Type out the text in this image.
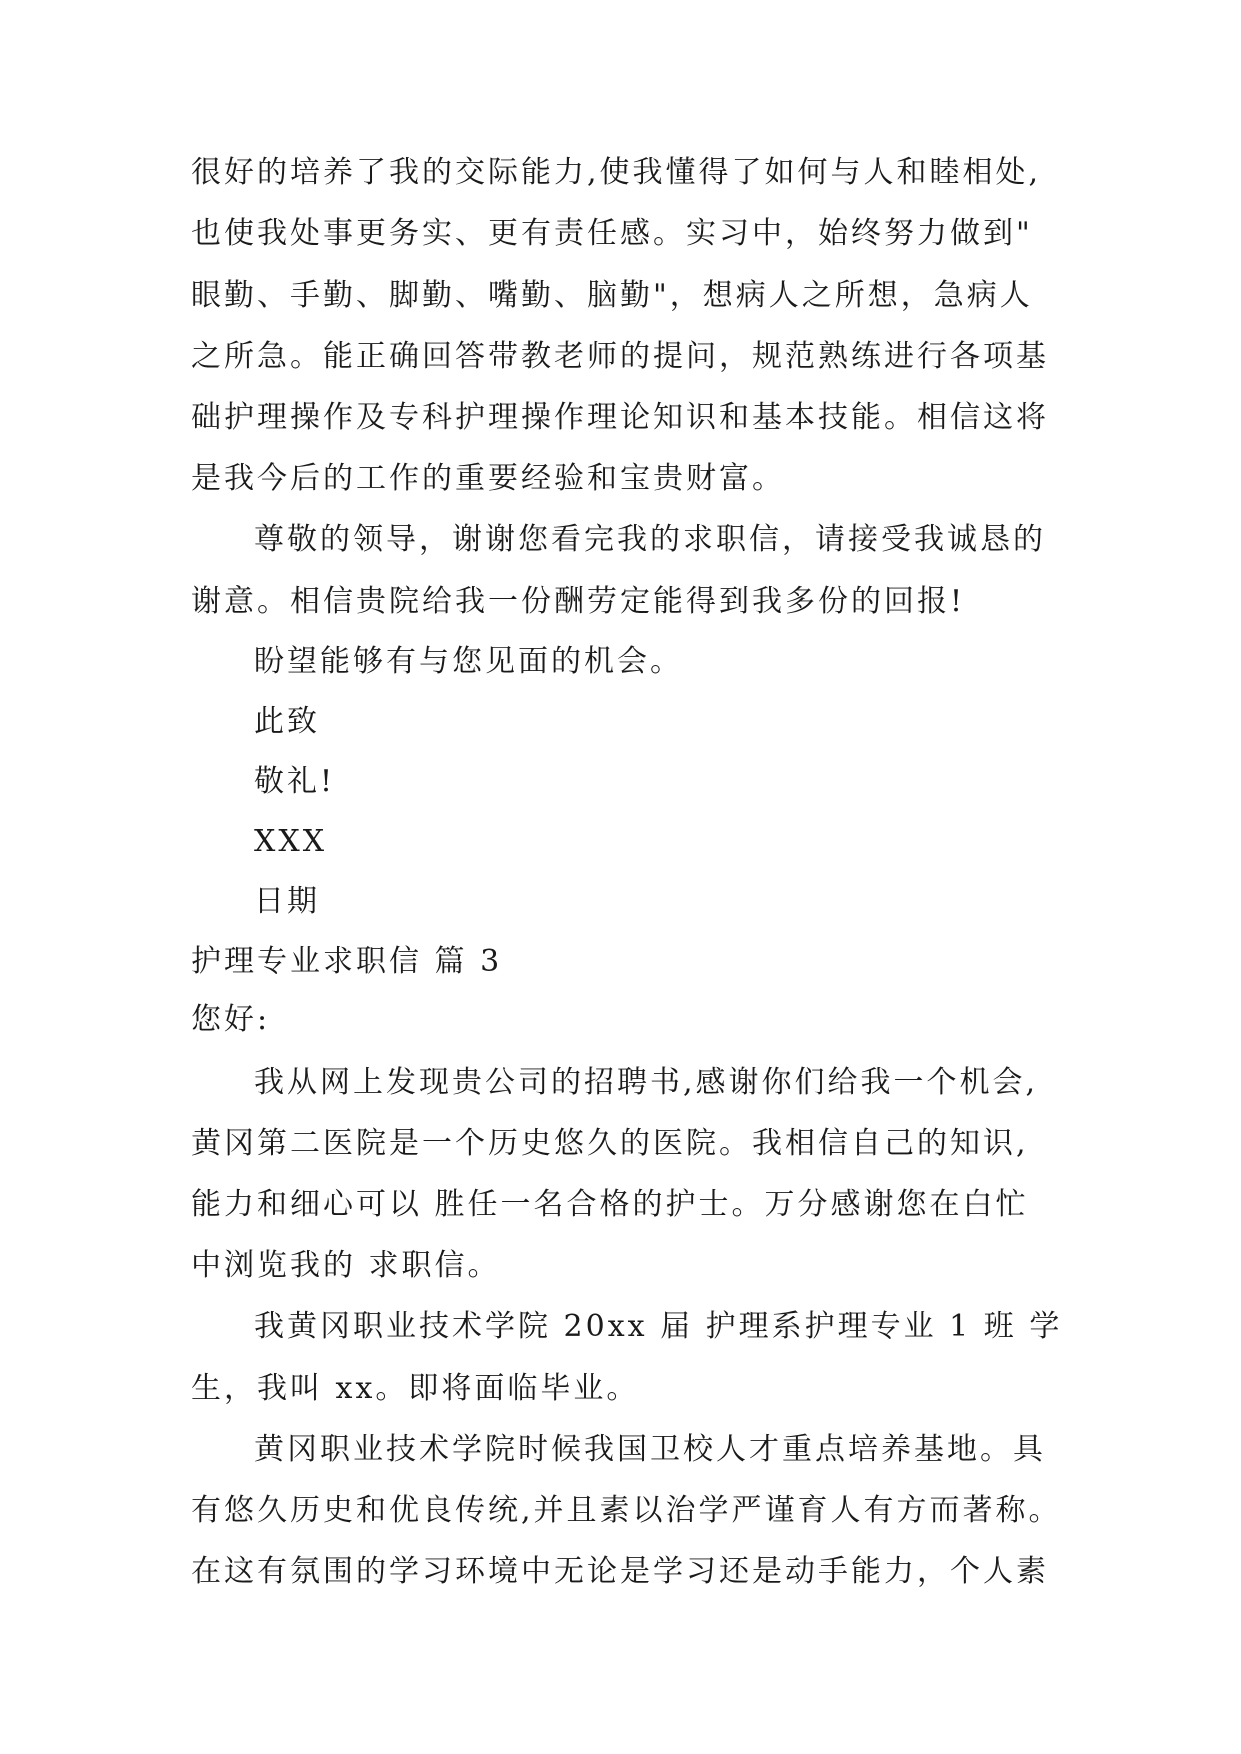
很好的培养了我的交际能力,使我懂得了如何与人和睦相处,
也使我处事更务实、更有责任感。实习中，始终努力做到"
眼勤、手勤、脚勤、嘴勤、脑勤"，想病人之所想，急病人
之所急。能正确回答带教老师的提问，规范熟练进行各项基
础护理操作及专科护理操作理论知识和基本技能。相信这将
是我今后的工作的重要经验和宝贵财富。
尊敬的领导，谢谢您看完我的求职信，请接受我诚恳的
谢意。相信贵院给我一份酬劳定能得到我多份的回报!
盼望能够有与您见面的机会。
此致
敬礼!
XXX
日期
护理专业求职信 篇 3
您好:
我从网上发现贵公司的招聘书,感谢你们给我一个机会,
黄冈第二医院是一个历史悠久的医院。我相信自己的知识,
能力和细心可以 胜任一名合格的护士。万分感谢您在白忙
中浏览我的 求职信。
我黄冈职业技术学院 20xx 届 护理系护理专业 1 班 学
生，我叫 xx。即将面临毕业。
黄冈职业技术学院时候我国卫校人才重点培养基地。具
有悠久历史和优良传统,并且素以治学严谨育人有方而著称。
在这有氛围的学习环境中无论是学习还是动手能力，个人素
